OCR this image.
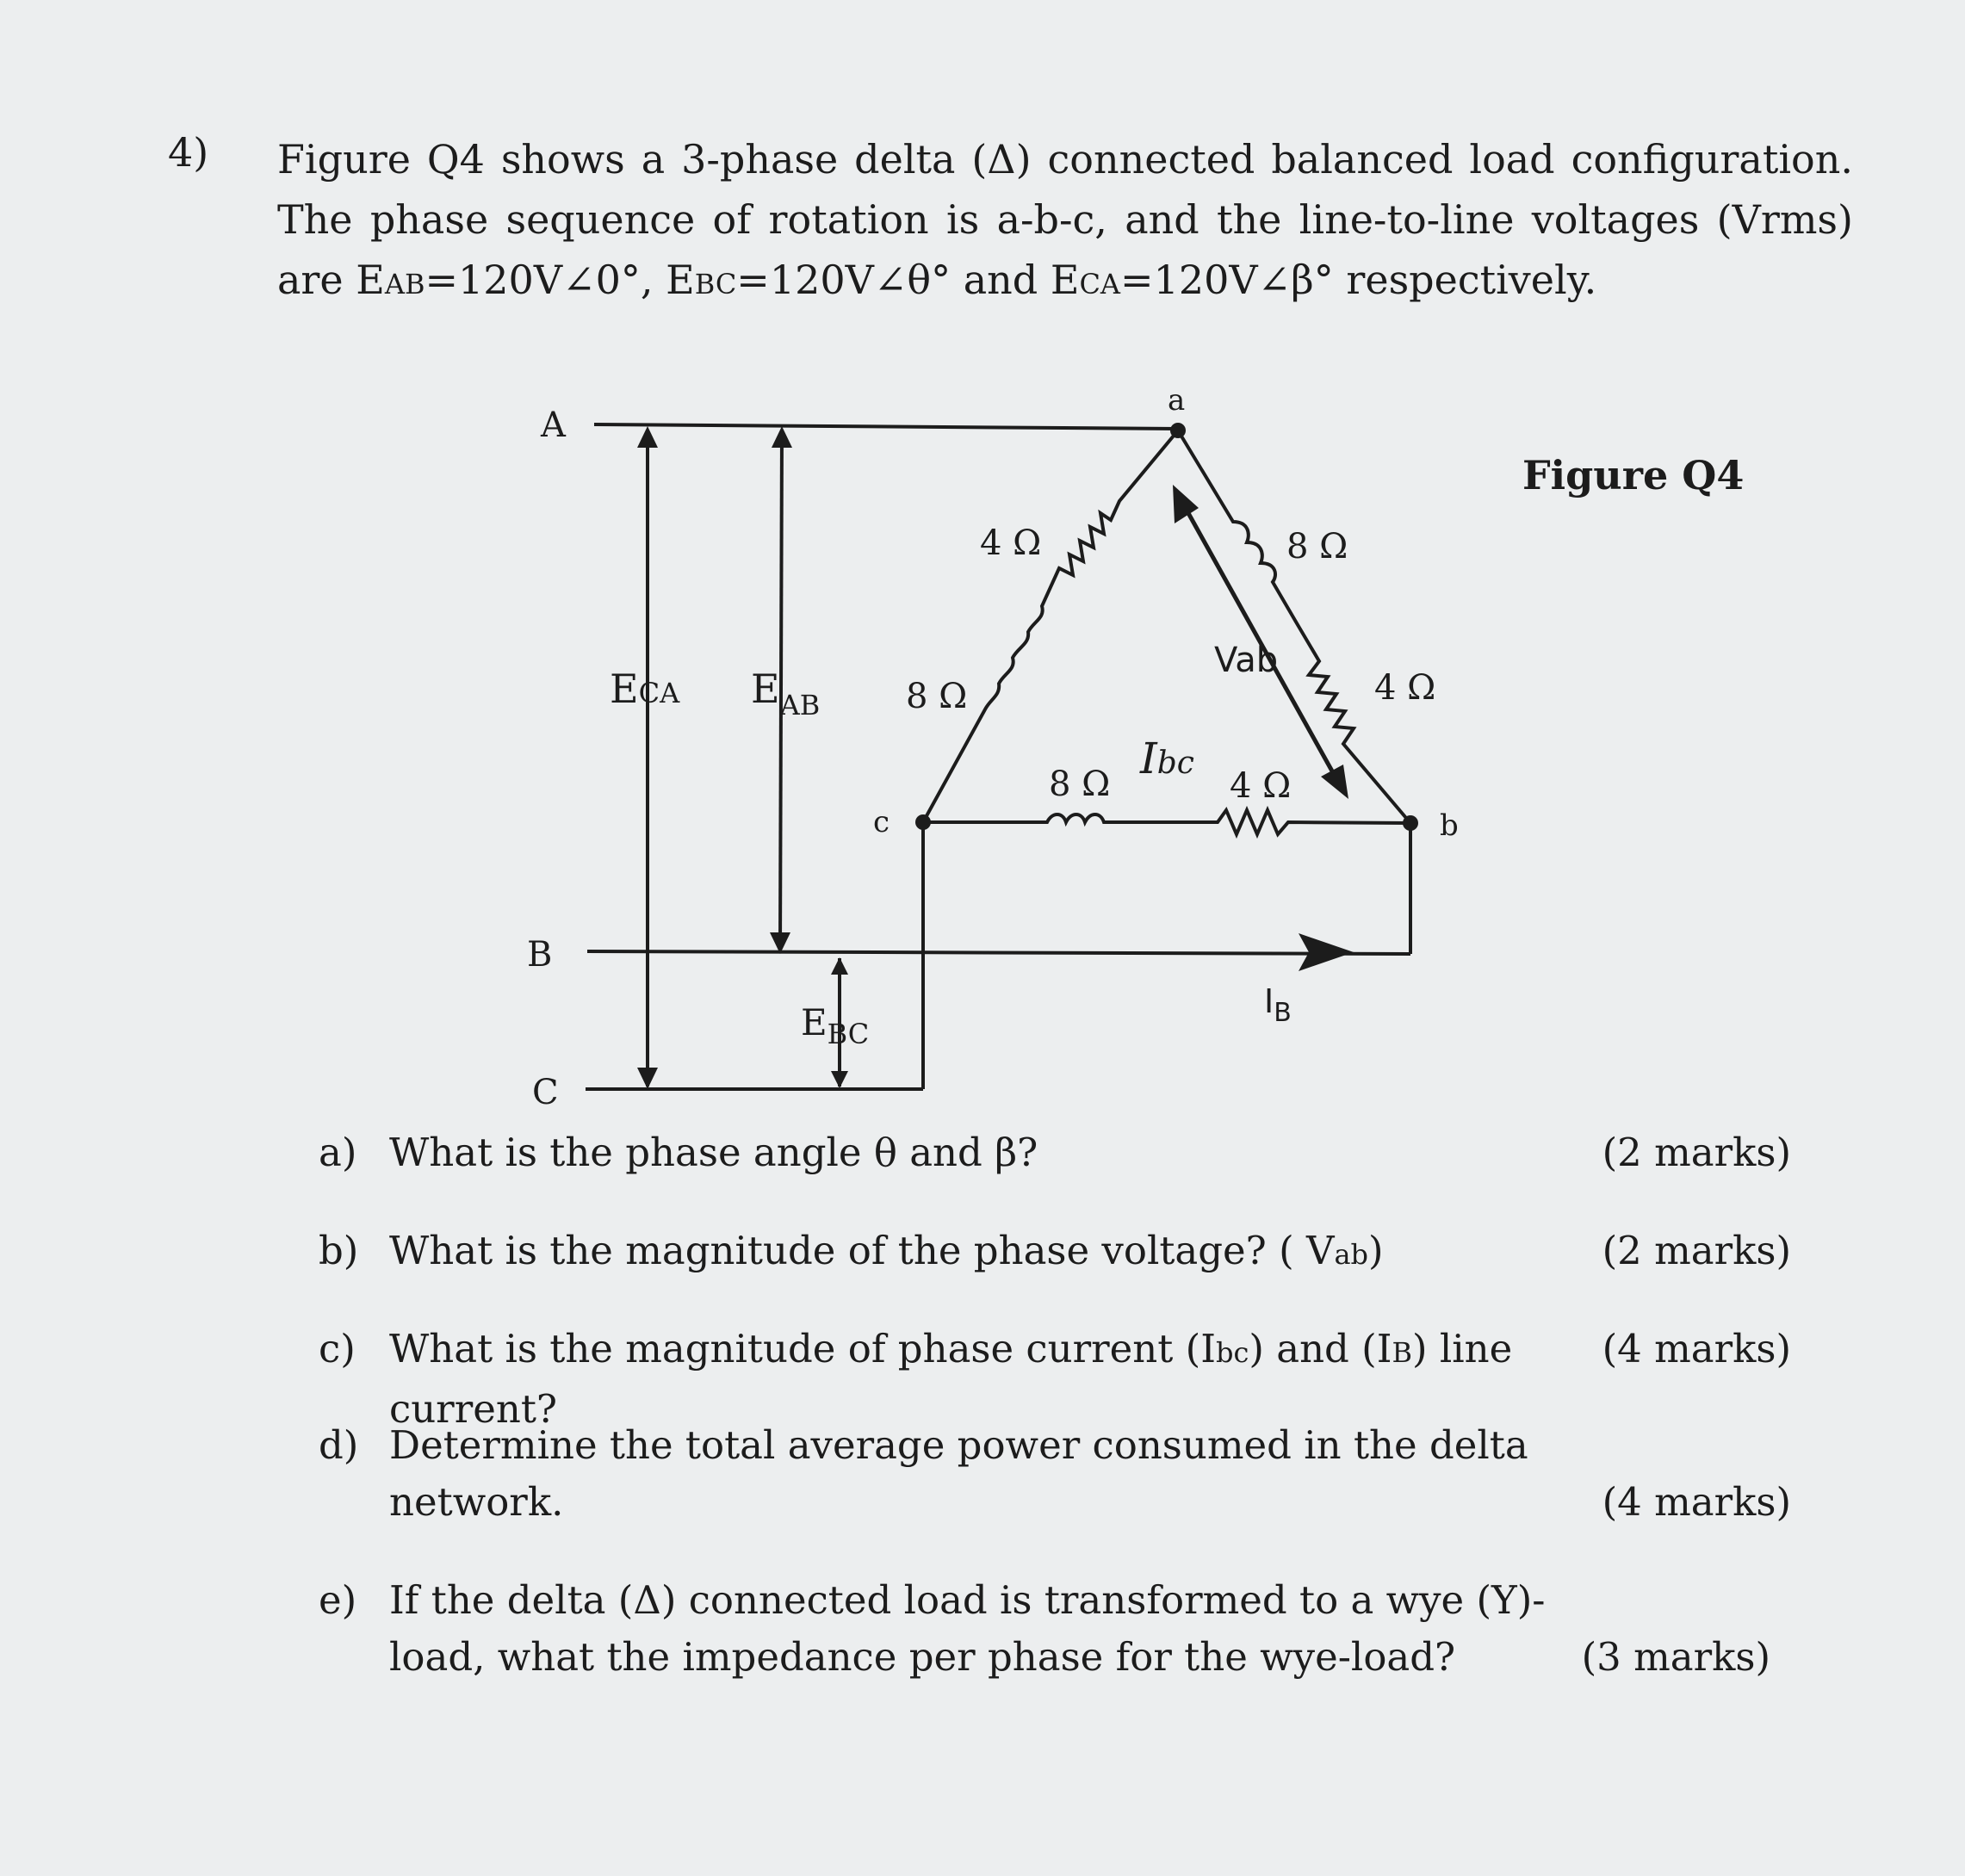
4) Figure Q4 shows a 3-phase delta (Δ) connected balanced load configuration. The phase sequence of rotation is a-b-c, and the line-to-line voltages (Vrms) are EAB=120V∠0°, EBC=120V∠θ° and ECA=120V∠β° respectively.

Figure Q4
A
B
C
ECA $E_{AB}$
$E_{BC}$
a
b
c
4 Ω
8 Ω
8 Ω
4 Ω
8 Ω	4 Ω
Vab
Ibc
$I_B$
a) What is the phase angle θ and β?	(2 marks)
b) What is the magnitude of the phase voltage? ( Vab)	(2 marks)
c) What is the magnitude of phase current (Ibc) and (IB) line current?
(4 marks)
d) Determine the total average power consumed in the delta network.	(4 marks)
e) If the delta (Δ) connected load is transformed to a wye (Y)-load, what the impedance per phase for the wye-load?	(3 marks)
